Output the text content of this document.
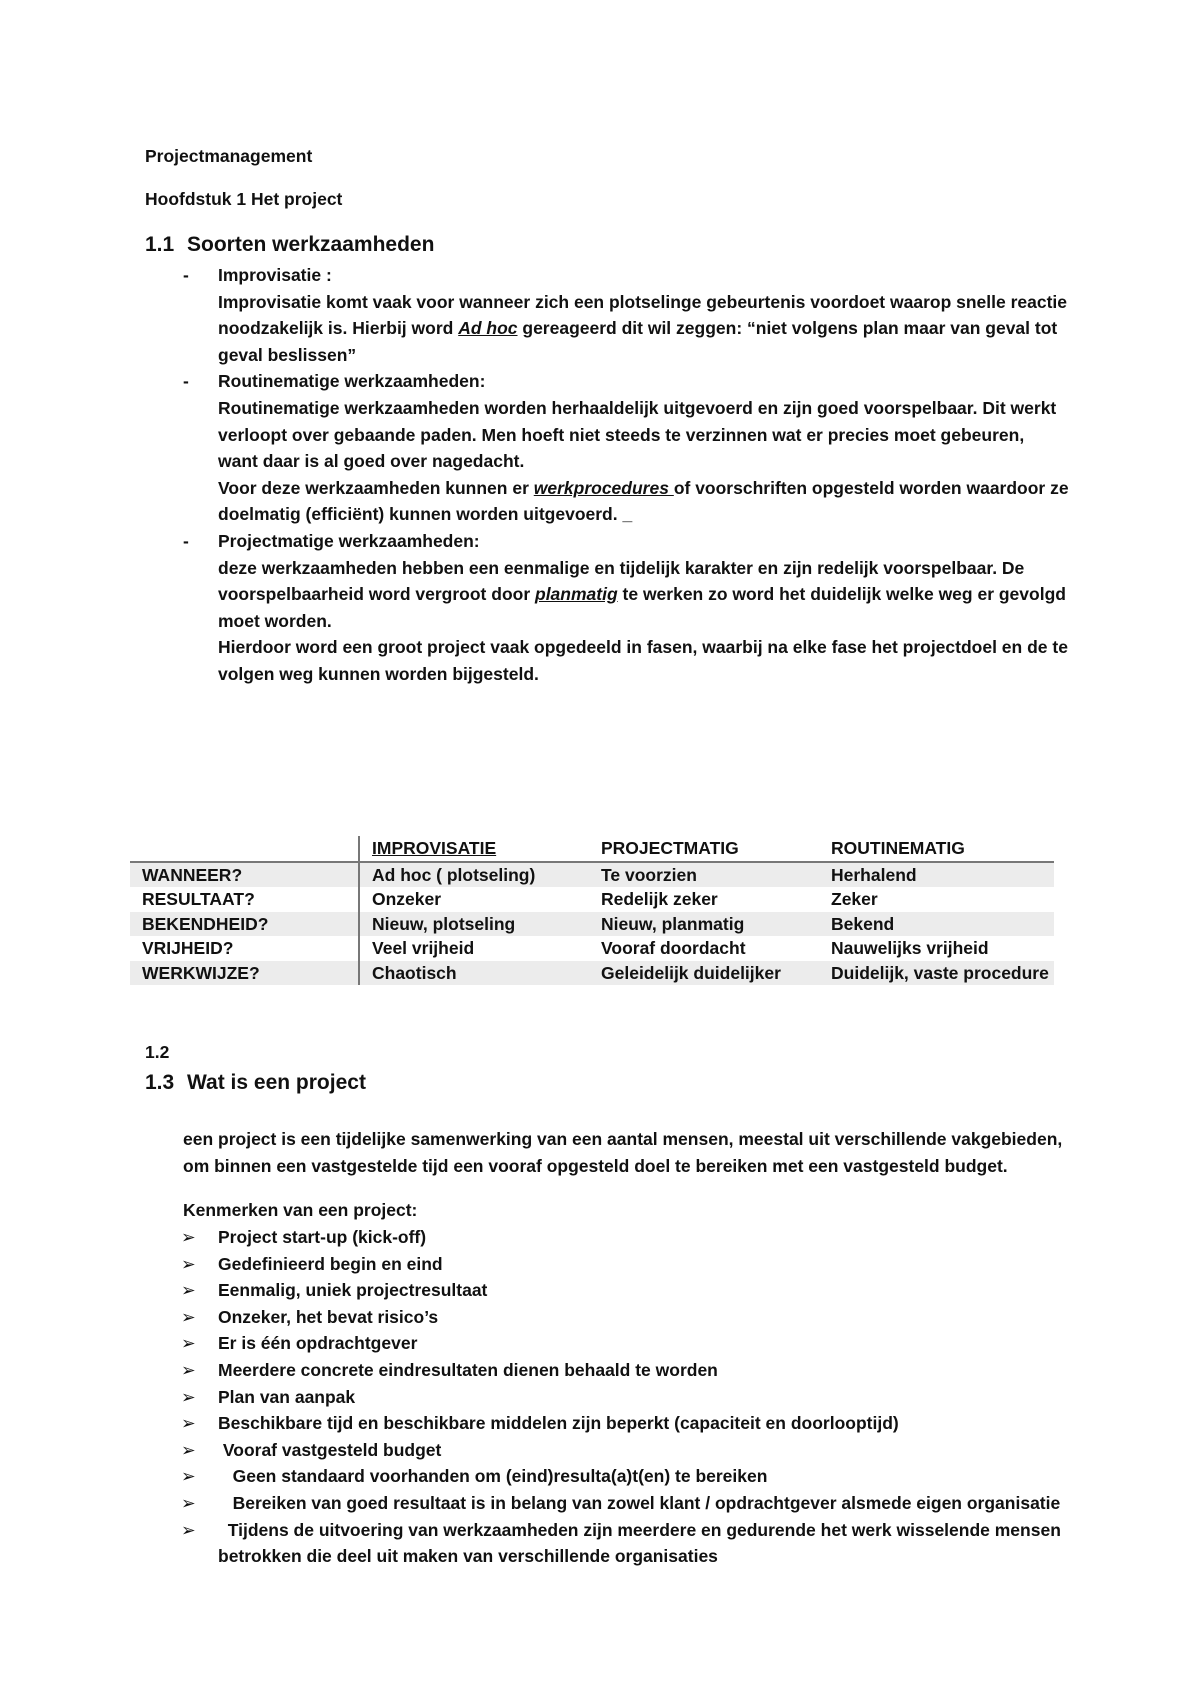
Projectmanagement
Hoofdstuk 1 Het project
1.1 Soorten werkzaamheden
- Improvisatie :
Improvisatie komt vaak voor wanneer zich een plotselinge gebeurtenis voordoet waarop snelle reactie
noodzakelijk is. Hierbij word Ad hoc gereageerd dit wil zeggen: “niet volgens plan maar van geval tot
geval beslissen”
- Routinematige werkzaamheden:
Routinematige werkzaamheden worden herhaaldelijk uitgevoerd en zijn goed voorspelbaar. Dit werkt
verloopt over gebaande paden. Men hoeft niet steeds te verzinnen wat er precies moet gebeuren,
want daar is al goed over nagedacht.
Voor deze werkzaamheden kunnen er werkprocedures of voorschriften opgesteld worden waardoor ze
doelmatig (efficiënt) kunnen worden uitgevoerd. _
- Projectmatige werkzaamheden:
deze werkzaamheden hebben een eenmalige en tijdelijk karakter en zijn redelijk voorspelbaar. De
voorspelbaarheid word vergroot door planmatig te werken zo word het duidelijk welke weg er gevolgd
moet worden.
Hierdoor word een groot project vaak opgedeeld in fasen, waarbij na elke fase het projectdoel en de te
volgen weg kunnen worden bijgesteld.
	IMPROVISATIE	PROJECTMATIG	ROUTINEMATIG
WANNEER?	Ad hoc ( plotseling)	Te voorzien	Herhalend
RESULTAAT?	Onzeker	Redelijk zeker	Zeker
BEKENDHEID?	Nieuw, plotseling	Nieuw, planmatig	Bekend
VRIJHEID?	Veel vrijheid	Vooraf doordacht	Nauwelijks vrijheid
WERKWIJZE?	Chaotisch	Geleidelijk duidelijker	Duidelijk, vaste procedure
1.2
1.3 Wat is een project
een project is een tijdelijke samenwerking van een aantal mensen, meestal uit verschillende vakgebieden,
om binnen een vastgestelde tijd een vooraf opgesteld doel te bereiken met een vastgesteld budget.
Kenmerken van een project:
➢ Project start-up (kick-off)
➢ Gedefinieerd begin en eind
➢ Eenmalig, uniek projectresultaat
➢ Onzeker, het bevat risico’s
➢ Er is één opdrachtgever
➢ Meerdere concrete eindresultaten dienen behaald te worden
➢ Plan van aanpak
➢ Beschikbare tijd en beschikbare middelen zijn beperkt (capaciteit en doorlooptijd)
➢ Vooraf vastgesteld budget
➢ Geen standaard voorhanden om (eind)resulta(a)t(en) te bereiken
➢ Bereiken van goed resultaat is in belang van zowel klant / opdrachtgever alsmede eigen organisatie
➢ Tijdens de uitvoering van werkzaamheden zijn meerdere en gedurende het werk wisselende mensen betrokken die deel uit maken van verschillende organisaties
